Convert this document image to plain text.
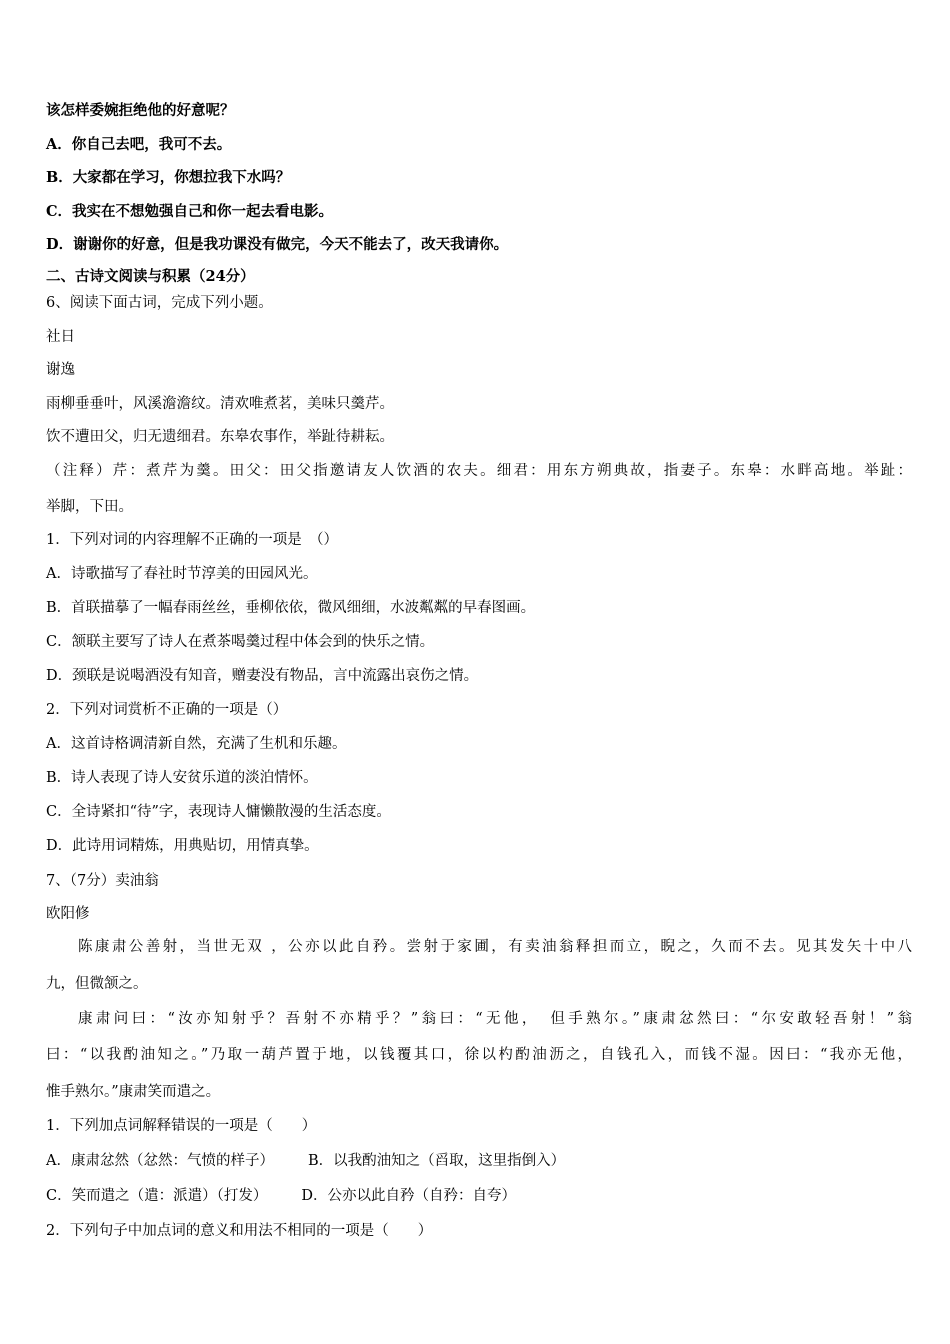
该怎样委婉拒绝他的好意呢？
A．你自己去吧，我可不去。
B．大家都在学习，你想拉我下水吗？
C．我实在不想勉强自己和你一起去看电影。
D．谢谢你的好意，但是我功课没有做完，今天不能去了，改天我请你。
二、古诗文阅读与积累（24分）
6、阅读下面古词，完成下列小题。
社日
谢逸
雨柳垂垂叶，风溪澹澹纹。清欢唯煮茗，美味只羹芹。
饮不遭田父，归无遗细君。东皋农事作，举趾待耕耘。
（注释）芹：煮芹为羹。田父：田父指邀请友人饮酒的农夫。细君：用东方朔典故，指妻子。东皋：水畔高地。举趾：
举脚，下田。
1．下列对词的内容理解不正确的一项是　（）
A．诗歌描写了春社时节淳美的田园风光。
B．首联描摹了一幅春雨丝丝，垂柳依依，微风细细，水波粼粼的早春图画。
C．颔联主要写了诗人在煮茶喝羹过程中体会到的快乐之情。
D．颈联是说喝酒没有知音，赠妻没有物品，言中流露出哀伤之情。
2．下列对词赏析不正确的一项是（）
A．这首诗格调清新自然，充满了生机和乐趣。
B．诗人表现了诗人安贫乐道的淡泊情怀。
C．全诗紧扣“待”字，表现诗人慵懒散漫的生活态度。
D．此诗用词精炼，用典贴切，用情真挚。
7、（7分）卖油翁
欧阳修
陈康肃公善射，当世无双 ，公亦以此自矜。尝射于家圃，有卖油翁释担而立，睨之，久而不去。见其发矢十中八
九，但微颔之。
康肃问曰：“汝亦知射乎？吾射不亦精乎？”翁曰：“无他，　但手熟尔。”康肃忿然曰：“尔安敢轻吾射！”翁
曰：“以我酌油知之。”乃取一葫芦置于地，以钱覆其口，徐以杓酌油沥之，自钱孔入，而钱不湿。因曰：“我亦无他，
惟手熟尔。”康肃笑而遣之。
1．下列加点词解释错误的一项是（　　）
A．康肃忿然（忿然：气愤的样子） B．以我酌油知之（舀取，这里指倒入）
C．笑而遣之（遣：派遣）（打发） D．公亦以此自矜（自矜：自夸）
2．下列句子中加点词的意义和用法不相同的一项是（　　）
